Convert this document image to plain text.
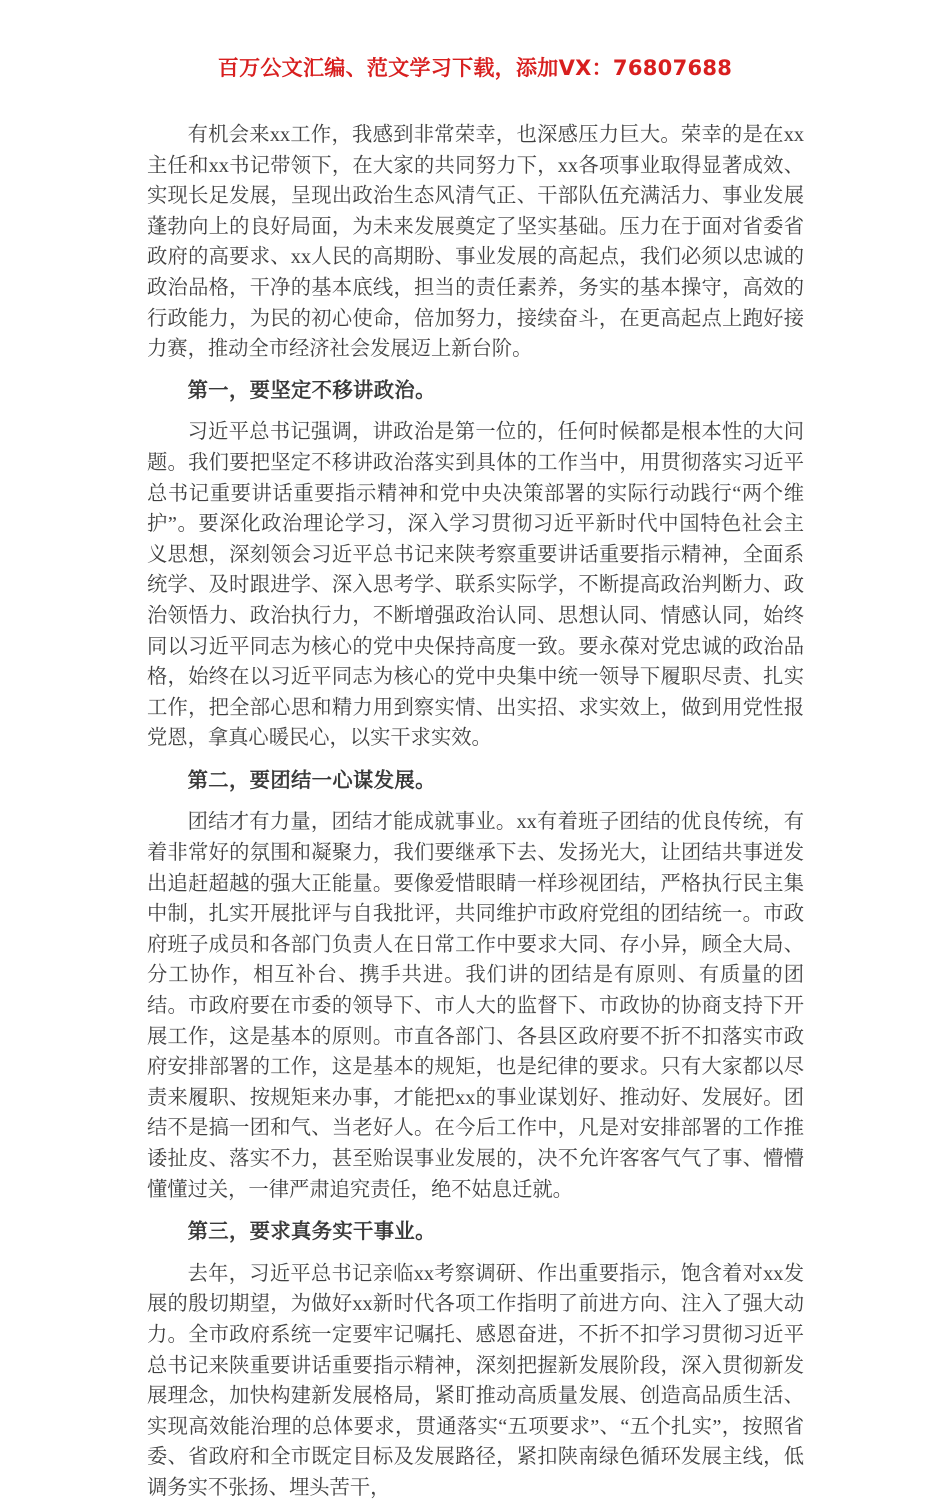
百万公文汇编、范文学习下载，添加VX：76807688

有机会来xx工作，我感到非常荣幸，也深感压力巨大。荣幸的是在xx主任和xx书记带领下，在大家的共同努力下，xx各项事业取得显著成效、实现长足发展，呈现出政治生态风清气正、干部队伍充满活力、事业发展蓬勃向上的良好局面，为未来发展奠定了坚实基础。压力在于面对省委省政府的高要求、xx人民的高期盼、事业发展的高起点，我们必须以忠诚的政治品格，干净的基本底线，担当的责任素养，务实的基本操守，高效的行政能力，为民的初心使命，倍加努力，接续奋斗，在更高起点上跑好接力赛，推动全市经济社会发展迈上新台阶。

第一，要坚定不移讲政治。

习近平总书记强调，讲政治是第一位的，任何时候都是根本性的大问题。我们要把坚定不移讲政治落实到具体的工作当中，用贯彻落实习近平总书记重要讲话重要指示精神和党中央决策部署的实际行动践行“两个维护”。要深化政治理论学习，深入学习贯彻习近平新时代中国特色社会主义思想，深刻领会习近平总书记来陕考察重要讲话重要指示精神，全面系统学、及时跟进学、深入思考学、联系实际学，不断提高政治判断力、政治领悟力、政治执行力，不断增强政治认同、思想认同、情感认同，始终同以习近平同志为核心的党中央保持高度一致。要永葆对党忠诚的政治品格，始终在以习近平同志为核心的党中央集中统一领导下履职尽责、扎实工作，把全部心思和精力用到察实情、出实招、求实效上，做到用党性报党恩，拿真心暖民心，以实干求实效。

第二，要团结一心谋发展。

团结才有力量，团结才能成就事业。xx有着班子团结的优良传统，有着非常好的氛围和凝聚力，我们要继承下去、发扬光大，让团结共事迸发出追赶超越的强大正能量。要像爱惜眼睛一样珍视团结，严格执行民主集中制，扎实开展批评与自我批评，共同维护市政府党组的团结统一。市政府班子成员和各部门负责人在日常工作中要求大同、存小异，顾全大局、分工协作，相互补台、携手共进。我们讲的团结是有原则、有质量的团结。市政府要在市委的领导下、市人大的监督下、市政协的协商支持下开展工作，这是基本的原则。市直各部门、各县区政府要不折不扣落实市政府安排部署的工作，这是基本的规矩，也是纪律的要求。只有大家都以尽责来履职、按规矩来办事，才能把xx的事业谋划好、推动好、发展好。团结不是搞一团和气、当老好人。在今后工作中，凡是对安排部署的工作推诿扯皮、落实不力，甚至贻误事业发展的，决不允许客客气气了事、懵懵懂懂过关，一律严肃追究责任，绝不姑息迁就。

第三，要求真务实干事业。

去年，习近平总书记亲临xx考察调研、作出重要指示，饱含着对xx发展的殷切期望，为做好xx新时代各项工作指明了前进方向、注入了强大动力。全市政府系统一定要牢记嘱托、感恩奋进，不折不扣学习贯彻习近平总书记来陕重要讲话重要指示精神，深刻把握新发展阶段，深入贯彻新发展理念，加快构建新发展格局，紧盯推动高质量发展、创造高品质生活、实现高效能治理的总体要求，贯通落实“五项要求”、“五个扎实”，按照省委、省政府和全市既定目标及发展路径，紧扣陕南绿色循环发展主线，低调务实不张扬、埋头苦干，
